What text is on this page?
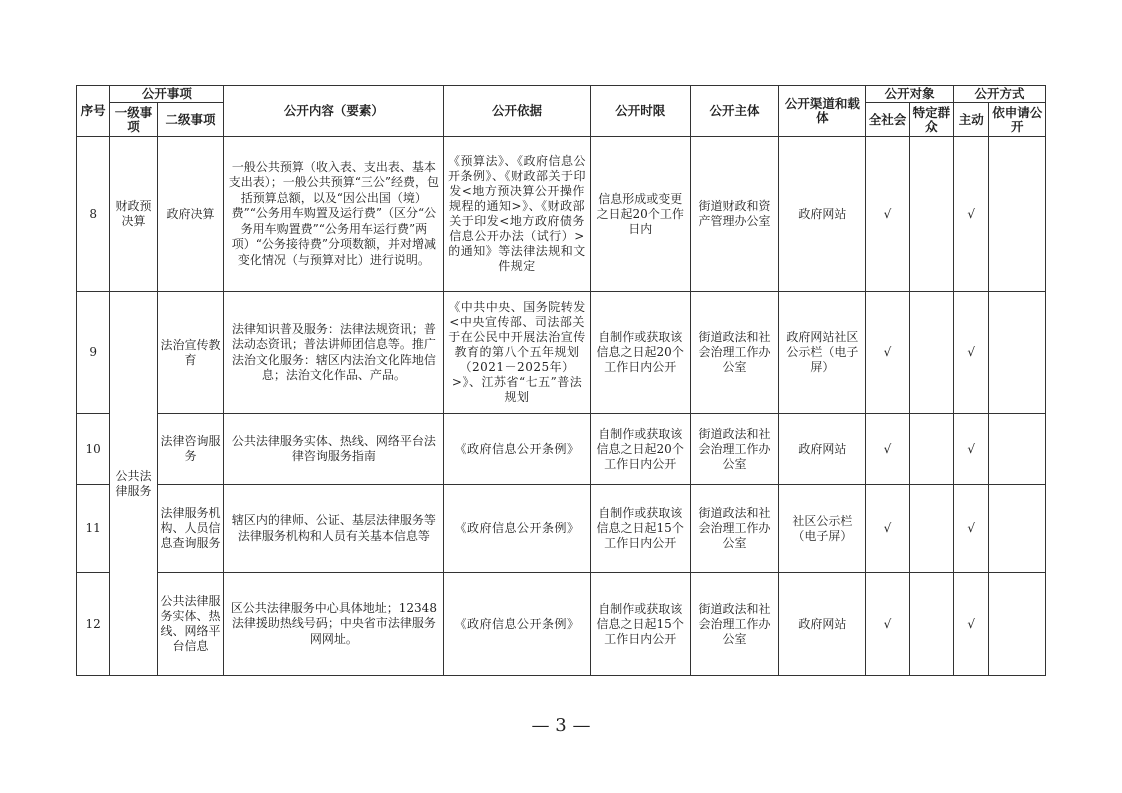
序号	公开事项		公开内容（要素）	公开依据	公开时限	公开主体	公开渠道和载体	公开对象		公开方式	
	一级事项	二级事项						全社会	特定群众	主动	依申请公开
8	财政预决算	政府决算	一般公共预算（收入表、支出表、基本支出表）；一般公共预算“三公”经费，包括预算总额，以及“因公出国（境）费”“公务用车购置及运行费”（区分“公务用车购置费”“公务用车运行费”两项）“公务接待费”分项数额，并对增减变化情况（与预算对比）进行说明。	《预算法》、《政府信息公开条例》、《财政部关于印发<地方预决算公开操作规程的通知>》、《财政部关于印发<地方政府债务信息公开办法（试行）>的通知》等法律法规和文件规定	信息形成或变更之日起20个工作日内	街道财政和资产管理办公室	政府网站	√		√	
9	公共法律服务	法治宣传教育	法律知识普及服务：法律法规资讯；普法动态资讯；普法讲师团信息等。推广法治文化服务：辖区内法治文化阵地信息；法治文化作品、产品。	《中共中央、国务院转发<中央宣传部、司法部关于在公民中开展法治宣传教育的第八个五年规划（2021－2025年）>》、江苏省“七五”普法规划	自制作或获取该信息之日起20个工作日内公开	街道政法和社会治理工作办公室	政府网站社区公示栏（电子屏）	√		√	
10		法律咨询服务	公共法律服务实体、热线、网络平台法律咨询服务指南	《政府信息公开条例》	自制作或获取该信息之日起20个工作日内公开	街道政法和社会治理工作办公室	政府网站	√		√	
11		法律服务机构、人员信息查询服务	辖区内的律师、公证、基层法律服务等法律服务机构和人员有关基本信息等	《政府信息公开条例》	自制作或获取该信息之日起15个工作日内公开	街道政法和社会治理工作办公室	社区公示栏（电子屏）	√		√	
12		公共法律服务实体、热线、网络平台信息	区公共法律服务中心具体地址；12348法律援助热线号码；中央省市法律服务网网址。	《政府信息公开条例》	自制作或获取该信息之日起15个工作日内公开	街道政法和社会治理工作办公室	政府网站	√		√	
— 3 —
